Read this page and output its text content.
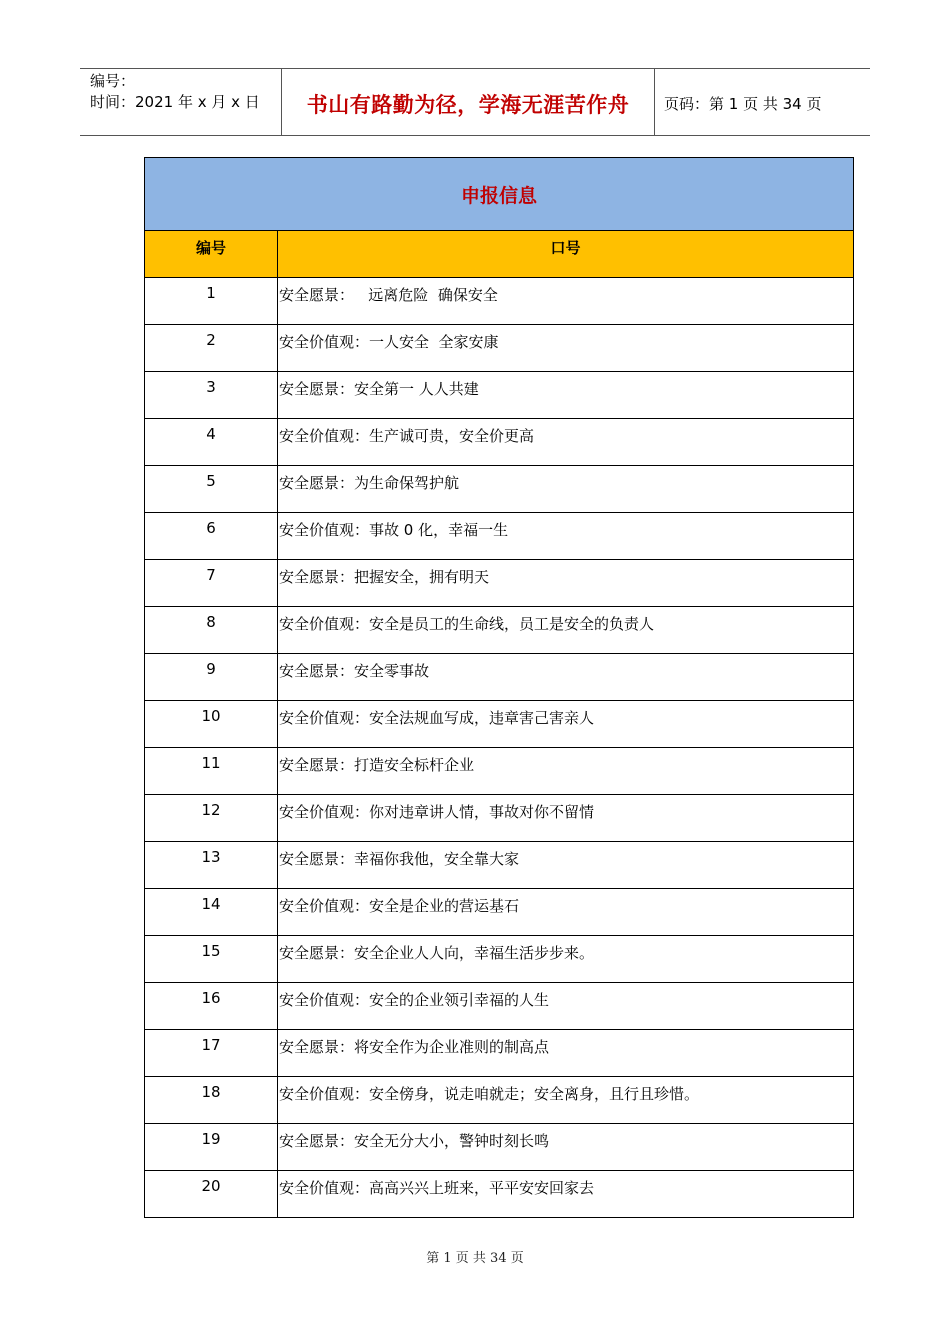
编号：
时间：2021 年 x 月 x 日	书山有路勤为径，学海无涯苦作舟	页码：第 1 页 共 34 页
申报信息	
编号	口号
1	安全愿景：   远离危险  确保安全
2	安全价值观：一人安全  全家安康
3	安全愿景：安全第一 人人共建
4	安全价值观：生产诚可贵，安全价更高
5	安全愿景：为生命保驾护航
6	安全价值观：事故 0 化，幸福一生
7	安全愿景：把握安全，拥有明天
8	安全价值观：安全是员工的生命线，员工是安全的负责人
9	安全愿景：安全零事故
10	安全价值观：安全法规血写成，违章害己害亲人
11	安全愿景：打造安全标杆企业
12	安全价值观：你对违章讲人情，事故对你不留情
13	安全愿景：幸福你我他，安全靠大家
14	安全价值观：安全是企业的营运基石
15	安全愿景：安全企业人人向，幸福生活步步来。
16	安全价值观：安全的企业领引幸福的人生
17	安全愿景：将安全作为企业准则的制高点
18	安全价值观：安全傍身，说走咱就走；安全离身，且行且珍惜。
19	安全愿景：安全无分大小，警钟时刻长鸣
20	安全价值观：高高兴兴上班来，平平安安回家去
第 1 页 共 34 页
